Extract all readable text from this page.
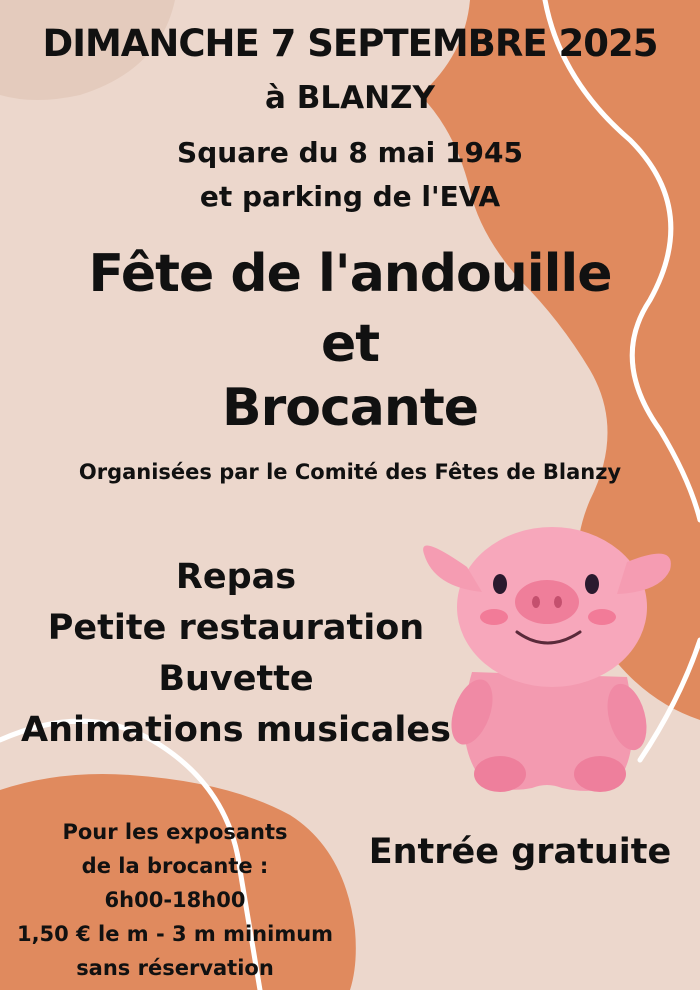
DIMANCHE 7 SEPTEMBRE 2025
à BLANZY
Square du 8 mai 1945
et parking de l'EVA
Fête de l'andouille
et
Brocante
Organisées par le Comité des Fêtes de Blanzy
Repas
Petite restauration
Buvette
Animations musicales
Pour les exposants
de la brocante :
6h00-18h00
1,50 € le m - 3 m minimum
sans réservation
Entrée gratuite
